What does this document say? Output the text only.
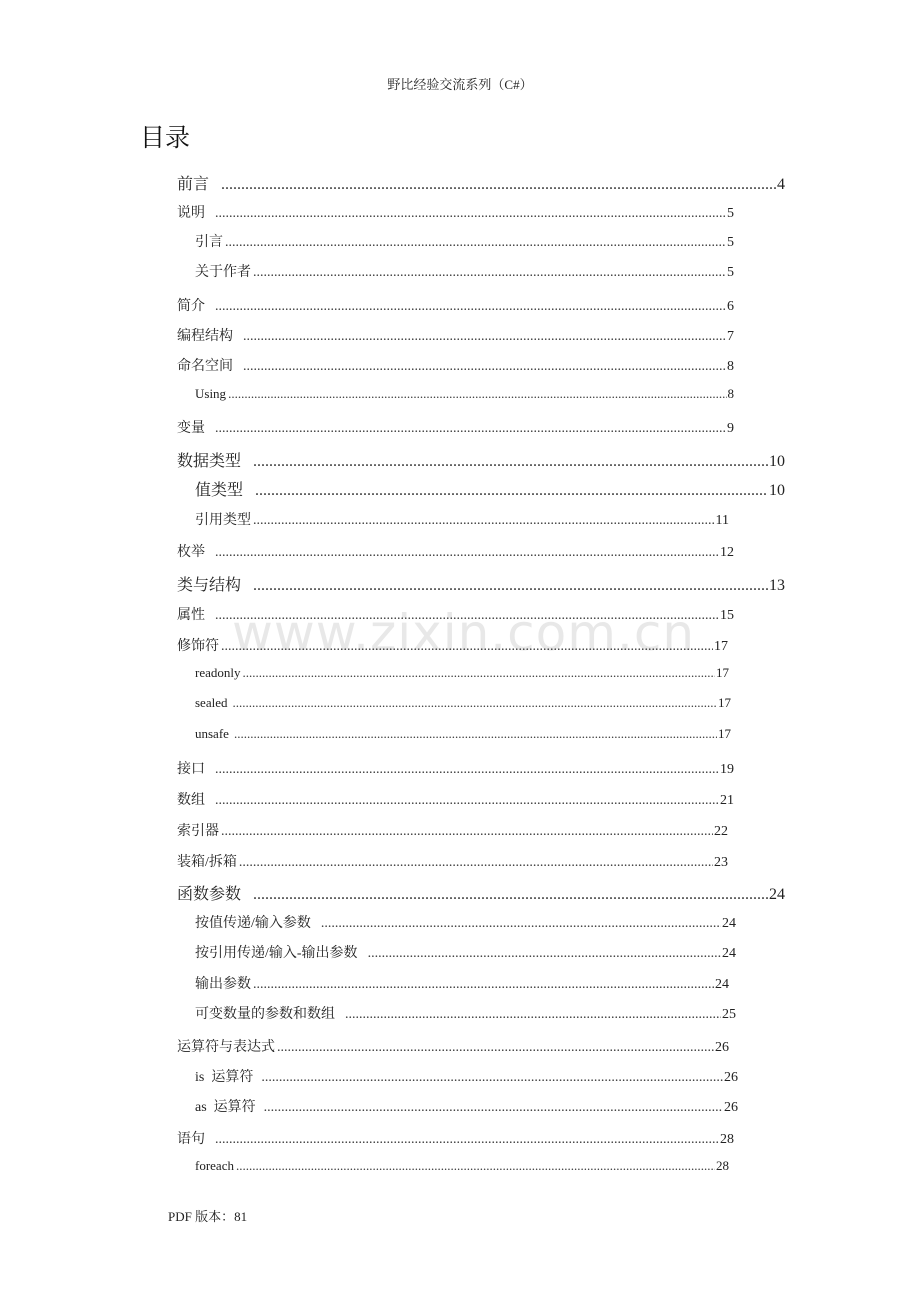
野比经验交流系列（C#）
目录
www.zixin.com.cn
前言 .....	4
说明 .....	5
引言 .....	5
关于作者 .....	5
简介 .....	6
编程结构 .....	7
命名空间 .....	8
Using .....	8
变量 .....	9
数据类型 .....	10
值类型 .....	10
引用类型 .....	11
枚举 .....	12
类与结构 .....	13
属性 .....	15
修饰符 .....	17
readonly .....	17
sealed .....	17
unsafe .....	17
接口 .....	19
数组 .....	21
索引器 .....	22
装箱/拆箱 .....	23
函数参数 .....	24
按值传递/输入参数 .....	24
按引用传递/输入-输出参数 .....	24
输出参数 .....	24
可变数量的参数和数组 .....	25
运算符与表达式 .....	26
is  运算符 .....	26
as  运算符 .....	26
语句 .....	28
foreach .....	28
PDF 版本：81
